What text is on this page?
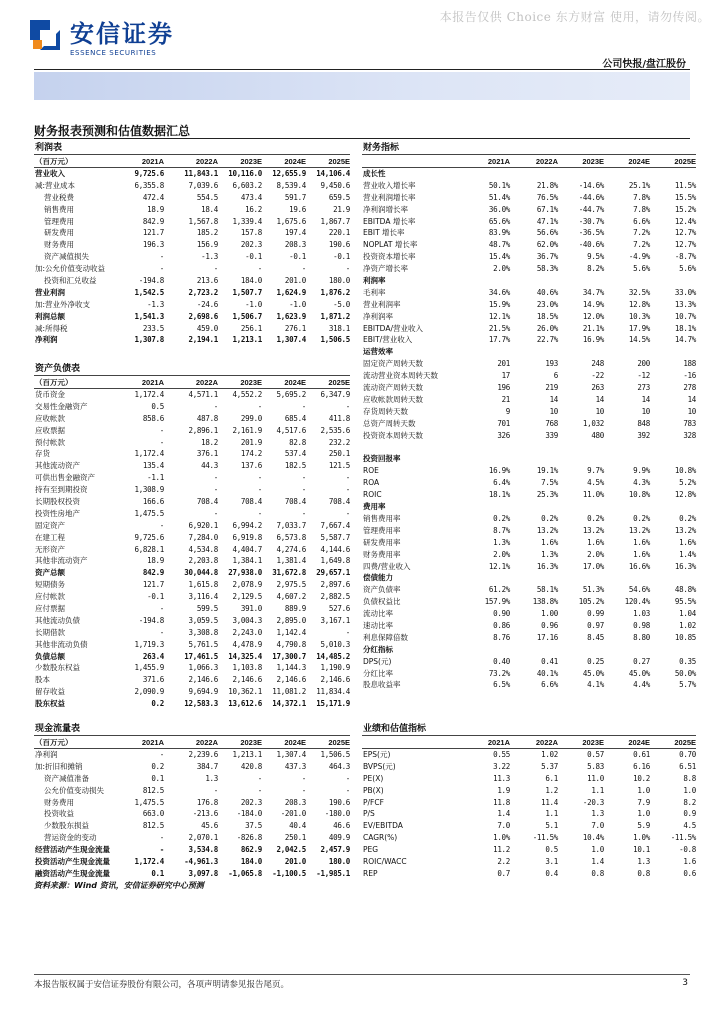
本报告仅供 Choice 东方财富 使用，请勿传阅。
安信证券
ESSENCE SECURITIES
公司快报/盘江股份
财务报表预测和估值数据汇总
利润表
（百万元）	2021A	2022A	2023E	2024E	2025E
营业收入	9,725.6	11,843.1	10,116.0	12,655.9	14,106.4
减:营业成本	6,355.8	7,039.6	6,603.2	8,539.4	9,450.6
营业税费	472.4	554.5	473.4	591.7	659.5
销售费用	18.9	18.4	16.2	19.6	21.9
管理费用	842.9	1,567.8	1,339.4	1,675.6	1,867.7
研发费用	121.7	185.2	157.8	197.4	220.1
财务费用	196.3	156.9	202.3	208.3	190.6
资产减值损失	-	-1.3	-0.1	-0.1	-0.1
加:公允价值变动收益	-	-	-	-	-
投资和汇兑收益	-194.8	213.6	184.0	201.0	180.0
营业利润	1,542.5	2,723.2	1,507.7	1,624.9	1,876.2
加:营业外净收支	-1.3	-24.6	-1.0	-1.0	-5.0
利润总额	1,541.3	2,698.6	1,506.7	1,623.9	1,871.2
减:所得税	233.5	459.0	256.1	276.1	318.1
净利润	1,307.8	2,194.1	1,213.1	1,307.4	1,506.5
财务指标
2021A	2022A	2023E	2024E	2025E
成长性
营业收入增长率	50.1%	21.8%	-14.6%	25.1%	11.5%
营业利润增长率	51.4%	76.5%	-44.6%	7.8%	15.5%
净利润增长率	36.0%	67.1%	-44.7%	7.8%	15.2%
EBITDA 增长率	65.6%	47.1%	-30.7%	6.6%	12.4%
EBIT 增长率	83.9%	56.6%	-36.5%	7.2%	12.7%
NOPLAT 增长率	48.7%	62.0%	-40.6%	7.2%	12.7%
投资资本增长率	15.4%	36.7%	9.5%	-4.9%	-8.7%
净资产增长率	2.0%	58.3%	8.2%	5.6%	5.6%
利润率
毛利率	34.6%	40.6%	34.7%	32.5%	33.0%
营业利润率	15.9%	23.0%	14.9%	12.8%	13.3%
净利润率	12.1%	18.5%	12.0%	10.3%	10.7%
EBITDA/营业收入	21.5%	26.0%	21.1%	17.9%	18.1%
EBIT/营业收入	17.7%	22.7%	16.9%	14.5%	14.7%
运营效率
固定资产周转天数	201	193	248	200	188
流动营业资本周转天数	17	6	-22	-12	-16
流动资产周转天数	196	219	263	273	278
应收帐款周转天数	21	14	14	14	14
存货周转天数	9	10	10	10	10
总资产周转天数	701	768	1,032	848	783
投资资本周转天数	326	339	480	392	328
投资回报率
ROE	16.9%	19.1%	9.7%	9.9%	10.8%
ROA	6.4%	7.5%	4.5%	4.3%	5.2%
ROIC	18.1%	25.3%	11.0%	10.8%	12.8%
费用率
销售费用率	0.2%	0.2%	0.2%	0.2%	0.2%
管理费用率	8.7%	13.2%	13.2%	13.2%	13.2%
研发费用率	1.3%	1.6%	1.6%	1.6%	1.6%
财务费用率	2.0%	1.3%	2.0%	1.6%	1.4%
四费/营业收入	12.1%	16.3%	17.0%	16.6%	16.3%
偿债能力
资产负债率	61.2%	58.1%	51.3%	54.6%	48.8%
负债权益比	157.9%	138.8%	105.2%	120.4%	95.5%
流动比率	0.90	1.00	0.99	1.03	1.04
速动比率	0.86	0.96	0.97	0.98	1.02
利息保障倍数	8.76	17.16	8.45	8.80	10.85
分红指标
DPS(元)	0.40	0.41	0.25	0.27	0.35
分红比率	73.2%	40.1%	45.0%	45.0%	50.0%
股息收益率	6.5%	6.6%	4.1%	4.4%	5.7%
资产负债表
（百万元）	2021A	2022A	2023E	2024E	2025E
货币资金	1,172.4	4,571.1	4,552.2	5,695.2	6,347.9
交易性金融资产	0.5	-	-	-	-
应收帐款	858.6	487.8	299.0	685.4	411.8
应收票据	-	2,896.1	2,161.9	4,517.6	2,535.6
预付帐款	-	18.2	201.9	82.8	232.2
存货	1,172.4	376.1	174.2	537.4	250.1
其他流动资产	135.4	44.3	137.6	182.5	121.5
可供出售金融资产	-1.1	-	-	-	-
持有至到期投资	1,308.9	-	-	-	-
长期股权投资	166.6	708.4	708.4	708.4	708.4
投资性房地产	1,475.5	-	-	-	-
固定资产	-	6,920.1	6,994.2	7,033.7	7,667.4
在建工程	9,725.6	7,284.0	6,919.8	6,573.8	5,587.7
无形资产	6,828.1	4,534.8	4,404.7	4,274.6	4,144.6
其他非流动资产	18.9	2,203.8	1,384.1	1,381.4	1,649.8
资产总额	842.9	30,044.8	27,938.0	31,672.8	29,657.1
短期债务	121.7	1,615.8	2,078.9	2,975.5	2,897.6
应付帐款	-0.1	3,116.4	2,129.5	4,607.2	2,882.5
应付票据	-	599.5	391.0	889.9	527.6
其他流动负债	-194.8	3,059.5	3,004.3	2,895.0	3,167.1
长期借款	-	3,308.8	2,243.0	1,142.4	-
其他非流动负债	1,719.3	5,761.5	4,478.9	4,790.8	5,010.3
负债总额	263.4	17,461.5	14,325.4	17,300.7	14,485.2
少数股东权益	1,455.9	1,066.3	1,103.8	1,144.3	1,190.9
股本	371.6	2,146.6	2,146.6	2,146.6	2,146.6
留存收益	2,090.9	9,694.9	10,362.1	11,081.2	11,834.4
股东权益	0.2	12,583.3	13,612.6	14,372.1	15,171.9
现金流量表
（百万元）	2021A	2022A	2023E	2024E	2025E
净利润	-	2,239.6	1,213.1	1,307.4	1,506.5
加:折旧和摊销	0.2	384.7	420.8	437.3	464.3
资产减值准备	0.1	1.3	-	-	-
公允价值变动损失	812.5	-	-	-	-
财务费用	1,475.5	176.8	202.3	208.3	190.6
投资收益	663.0	-213.6	-184.0	-201.0	-180.0
少数股东损益	812.5	45.6	37.5	40.4	46.6
营运资金的变动	-	2,070.1	-826.8	250.1	409.9
经营活动产生现金流量	-	3,534.8	862.9	2,042.5	2,457.9
投资活动产生现金流量	1,172.4	-4,961.3	184.0	201.0	180.0
融资活动产生现金流量	0.1	3,097.8	-1,065.8	-1,100.5	-1,985.1
业绩和估值指标
2021A	2022A	2023E	2024E	2025E
EPS(元)	0.55	1.02	0.57	0.61	0.70
BVPS(元)	3.22	5.37	5.83	6.16	6.51
PE(X)	11.3	6.1	11.0	10.2	8.8
PB(X)	1.9	1.2	1.1	1.0	1.0
P/FCF	11.8	11.4	-20.3	7.9	8.2
P/S	1.4	1.1	1.3	1.0	0.9
EV/EBITDA	7.0	5.1	7.0	5.9	4.5
CAGR(%)	1.0%	-11.5%	10.4%	1.0%	-11.5%
PEG	11.2	0.5	1.0	10.1	-0.8
ROIC/WACC	2.2	3.1	1.4	1.3	1.6
REP	0.7	0.4	0.8	0.8	0.6
资料来源：Wind 资讯，安信证券研究中心预测
本报告版权属于安信证券股份有限公司，各项声明请参见报告尾页。	3
